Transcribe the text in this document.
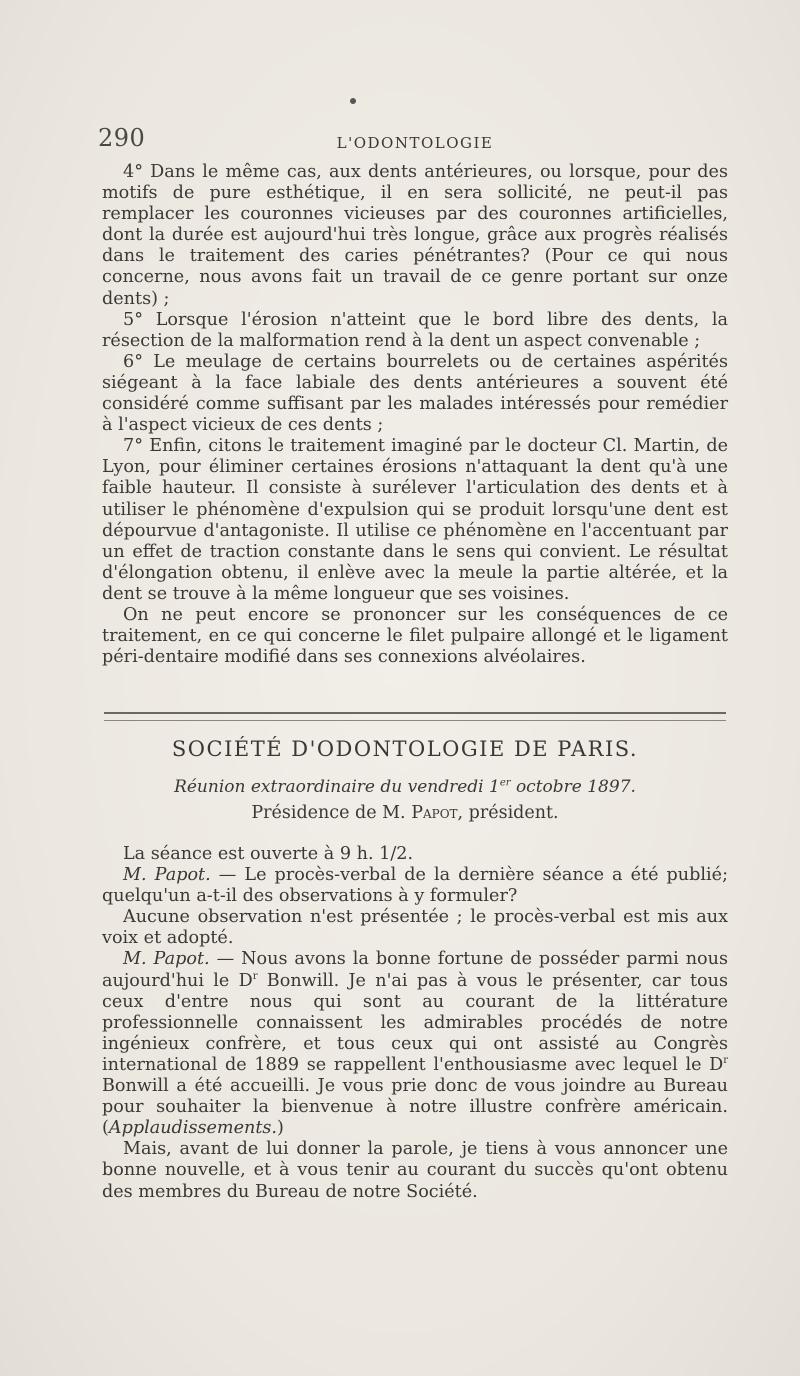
290	L'ODONTOLOGIE

4° Dans le même cas, aux dents antérieures, ou lorsque, pour des motifs de pure esthétique, il en sera sollicité, ne peut-il pas remplacer les couronnes vicieuses par des couronnes artificielles, dont la durée est aujourd'hui très longue, grâce aux progrès réalisés dans le traitement des caries pénétrantes? (Pour ce qui nous concerne, nous avons fait un travail de ce genre portant sur onze dents) ;

5° Lorsque l'érosion n'atteint que le bord libre des dents, la résection de la malformation rend à la dent un aspect convenable ;

6° Le meulage de certains bourrelets ou de certaines aspérités siégeant à la face labiale des dents antérieures a souvent été considéré comme suffisant par les malades intéressés pour remédier à l'aspect vicieux de ces dents ;

7° Enfin, citons le traitement imaginé par le docteur Cl. Martin, de Lyon, pour éliminer certaines érosions n'attaquant la dent qu'à une faible hauteur. Il consiste à surélever l'articulation des dents et à utiliser le phénomène d'expulsion qui se produit lorsqu'une dent est dépourvue d'antagoniste. Il utilise ce phénomène en l'accentuant par un effet de traction constante dans le sens qui convient. Le résultat d'élongation obtenu, il enlève avec la meule la partie altérée, et la dent se trouve à la même longueur que ses voisines.

On ne peut encore se prononcer sur les conséquences de ce traitement, en ce qui concerne le filet pulpaire allongé et le ligament péri-dentaire modifié dans ses connexions alvéolaires.

SOCIÉTÉ D'ODONTOLOGIE DE PARIS.
Réunion extraordinaire du vendredi 1er octobre 1897.
Présidence de M. Papot, président.

La séance est ouverte à 9 h. 1/2.

M. Papot. — Le procès-verbal de la dernière séance a été publié; quelqu'un a-t-il des observations à y formuler?

Aucune observation n'est présentée ; le procès-verbal est mis aux voix et adopté.

M. Papot. — Nous avons la bonne fortune de posséder parmi nous aujourd'hui le $D^r$ Bonwill. Je n'ai pas à vous le présenter, car tous ceux d'entre nous qui sont au courant de la littérature professionnelle connaissent les admirables procédés de notre ingénieux confrère, et tous ceux qui ont assisté au Congrès international de 1889 se rappellent l'enthousiasme avec lequel le $D^r$ Bonwill a été accueilli. Je vous prie donc de vous joindre au Bureau pour souhaiter la bienvenue à notre illustre confrère américain. (Applaudissements.)

Mais, avant de lui donner la parole, je tiens à vous annoncer une bonne nouvelle, et à vous tenir au courant du succès qu'ont obtenu des membres du Bureau de notre Société.
